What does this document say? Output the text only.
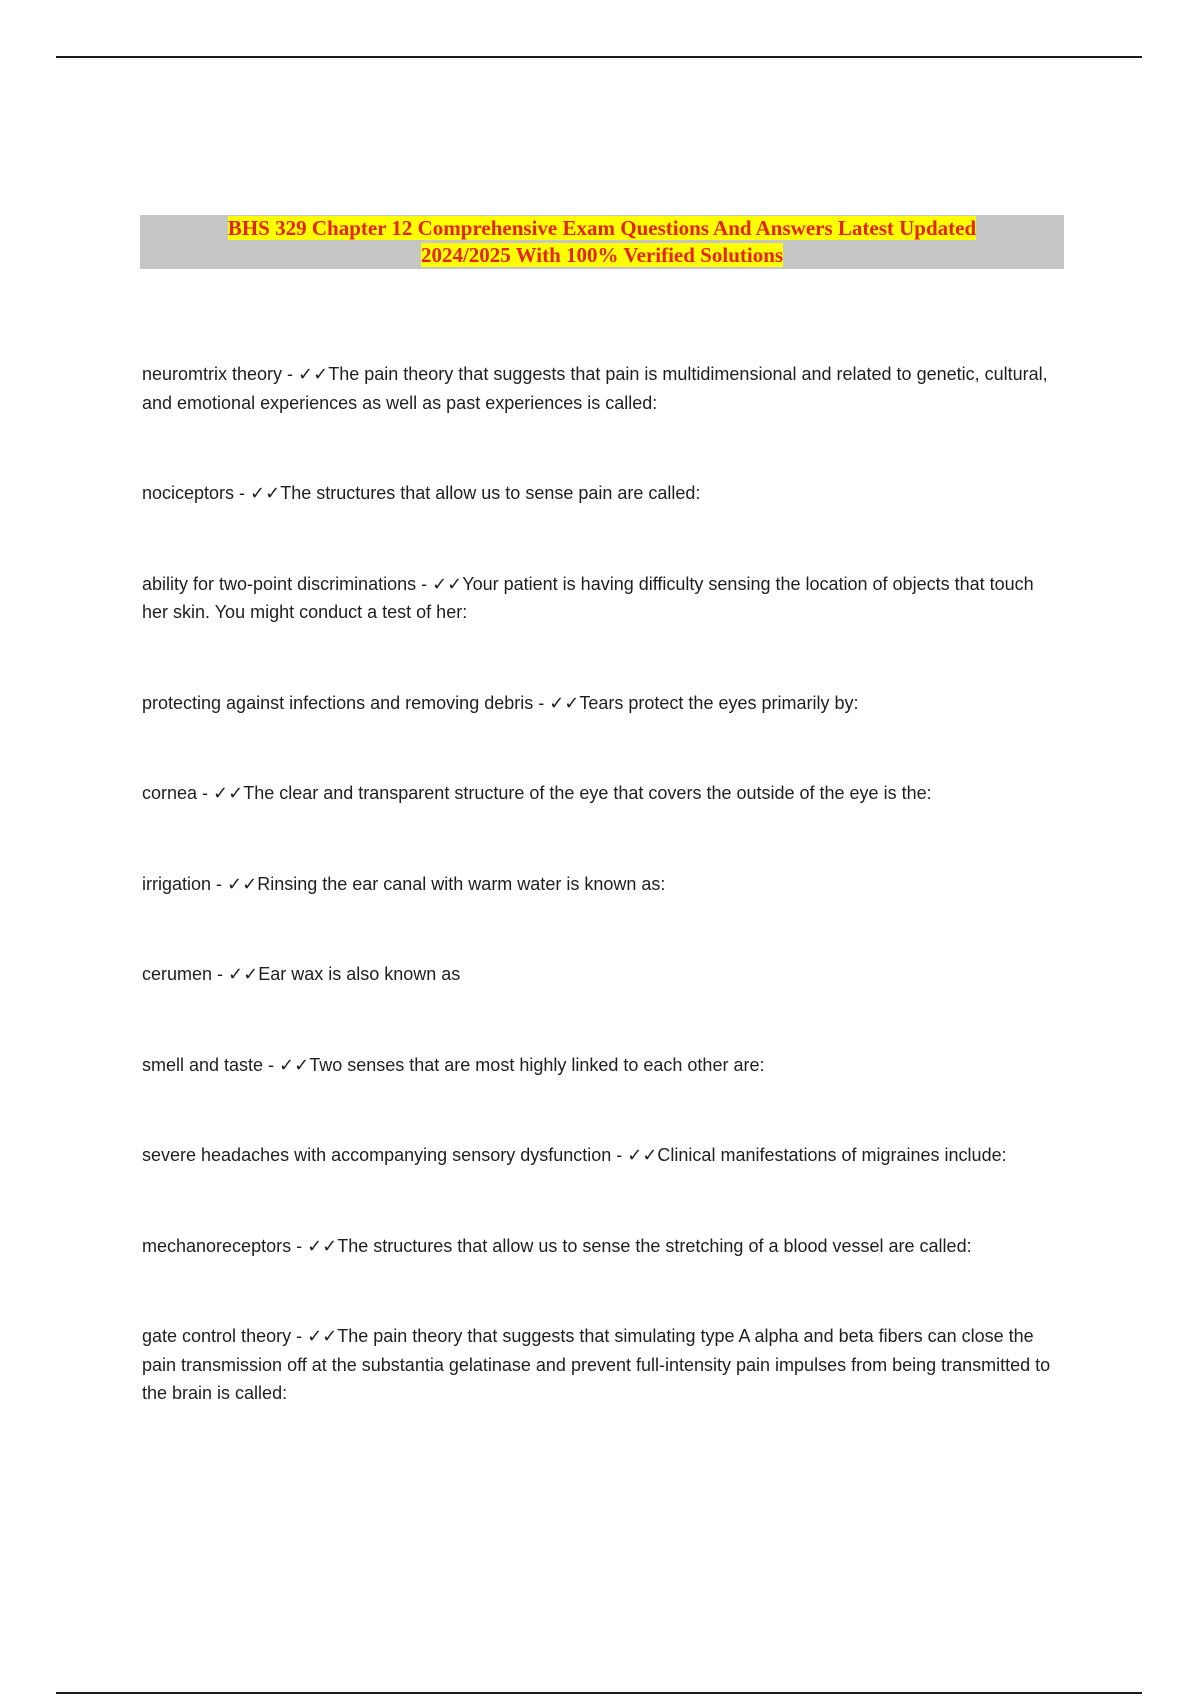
BHS 329 Chapter 12 Comprehensive Exam Questions And Answers Latest Updated
2024/2025 With 100% Verified Solutions
neuromtrix theory - ✓✓The pain theory that suggests that pain is multidimensional and related to genetic, cultural, and emotional experiences as well as past experiences is called:
nociceptors - ✓✓The structures that allow us to sense pain are called:
ability for two-point discriminations - ✓✓Your patient is having difficulty sensing the location of objects that touch her skin. You might conduct a test of her:
protecting against infections and removing debris - ✓✓Tears protect the eyes primarily by:
cornea - ✓✓The clear and transparent structure of the eye that covers the outside of the eye is the:
irrigation - ✓✓Rinsing the ear canal with warm water is known as:
cerumen - ✓✓Ear wax is also known as
smell and taste - ✓✓Two senses that are most highly linked to each other are:
severe headaches with accompanying sensory dysfunction - ✓✓Clinical manifestations of migraines include:
mechanoreceptors - ✓✓The structures that allow us to sense the stretching of a blood vessel are called:
gate control theory - ✓✓The pain theory that suggests that simulating type A alpha and beta fibers can close the pain transmission off at the substantia gelatinase and prevent full-intensity pain impulses from being transmitted to the brain is called:
